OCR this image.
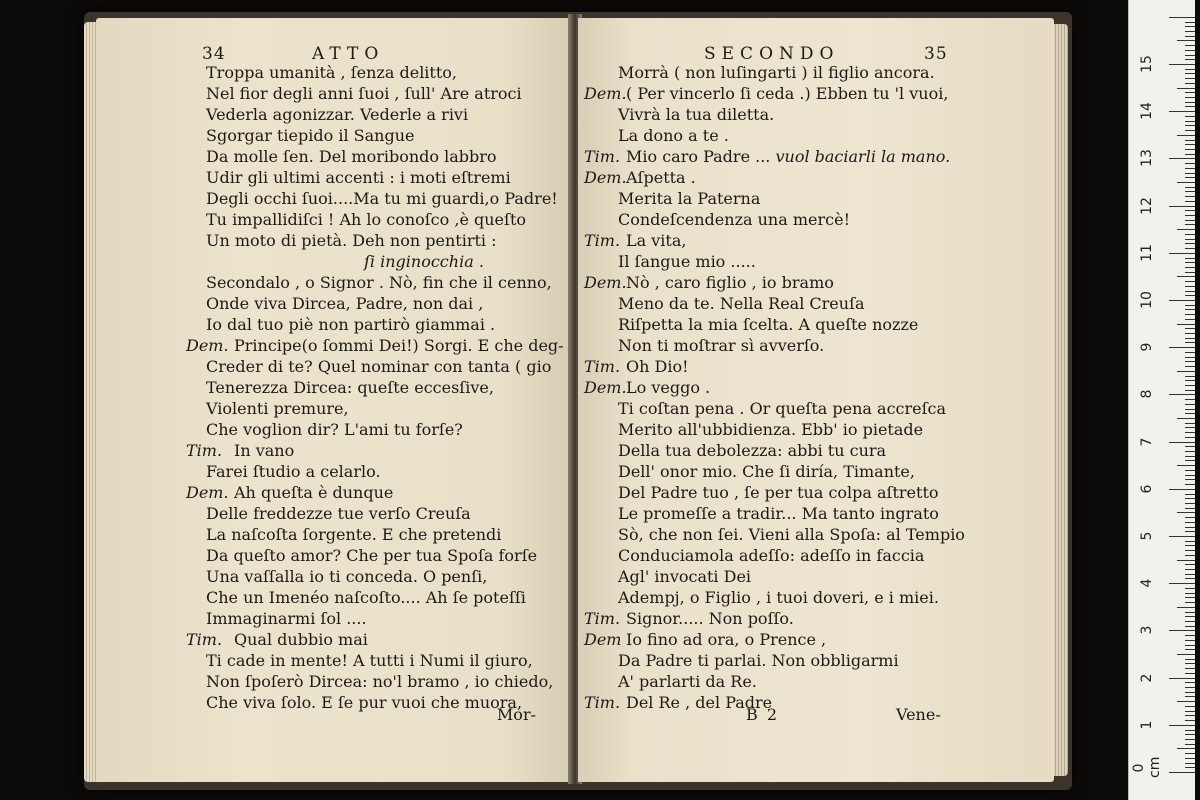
34	ATTO
Troppa umanità , ſenza delitto,
Nel fior degli anni ſuoi , ſull' Are atroci
Vederla agonizzar. Vederle a rivi
Sgorgar tiepido il Sangue
Da molle ſen. Del moribondo labbro
Udir gli ultimi accenti : i moti eſtremi
Degli occhi ſuoi....Ma tu mi guardi,o Padre!
Tu impallidiſci ! Ah lo conoſco ,è queſto
Un moto di pietà. Deh non pentirti :
ſi inginocchia .
Secondalo , o Signor . Nò, fin che il cenno,
Onde viva Dircea, Padre, non dai ,
Io dal tuo piè non partirò giammai .
Dem. Principe(o ſommi Dei!) Sorgi. E che deg-
Creder di te? Quel nominar con tanta ( gio
Tenerezza Dircea: queſte eccesſive,
Violenti premure,
Che voglion dir? L'ami tu forſe?
Tim. In vano
Farei ſtudio a celarlo.
Dem. Ah queſta è dunque
Delle freddezze tue verſo Creuſa
La naſcoſta ſorgente. E che pretendi
Da queſto amor? Che per tua Spoſa forſe
Una vaſſalla io ti conceda. O penſi,
Che un Imenéo naſcoſto.... Ah ſe poteſſi
Immaginarmi ſol ....
Tim. Qual dubbio mai
Ti cade in mente! A tutti i Numi il giuro,
Non ſpoſerò Dircea: no'l bramo , io chiedo,
Che viva ſolo. E ſe pur vuoi che muora,
Mor-
SECONDO	35
Morrà ( non luſingarti ) il figlio ancora.
Dem.( Per vincerlo ſi ceda .) Ebben tu 'l vuoi,
Vivrà la tua diletta.
La dono a te .
Tim. Mio caro Padre ... vuol baciarli la mano.
Dem.Aſpetta .
Merita la Paterna
Condeſcendenza una mercè!
Tim. La vita,
Il ſangue mio .....
Dem.Nò , caro figlio , io bramo
Meno da te. Nella Real Creuſa
Riſpetta la mia ſcelta. A queſte nozze
Non ti moſtrar sì avverſo.
Tim. Oh Dio!
Dem.Lo veggo .
Ti coſtan pena . Or queſta pena accreſca
Merito all'ubbidienza. Ebb' io pietade
Della tua debolezza: abbi tu cura
Dell' onor mio. Che ſi diría, Timante,
Del Padre tuo , ſe per tua colpa aſtretto
Le promeſſe a tradir... Ma tanto ingrato
Sò, che non ſei. Vieni alla Spoſa: al Tempio
Conduciamola adeſſo: adeſſo in faccia
Agl' invocati Dei
Adempj, o Figlio , i tuoi doveri, e i miei.
Tim. Signor..... Non poſſo.
Dem Io fino ad ora, o Prence ,
Da Padre ti parlai. Non obbligarmi
A' parlarti da Re.
Tim. Del Re , del Padre
B 2	Vene-
0 cm
1
2
3
4
5
6
7
8
9
10
11
12
13
14
15
